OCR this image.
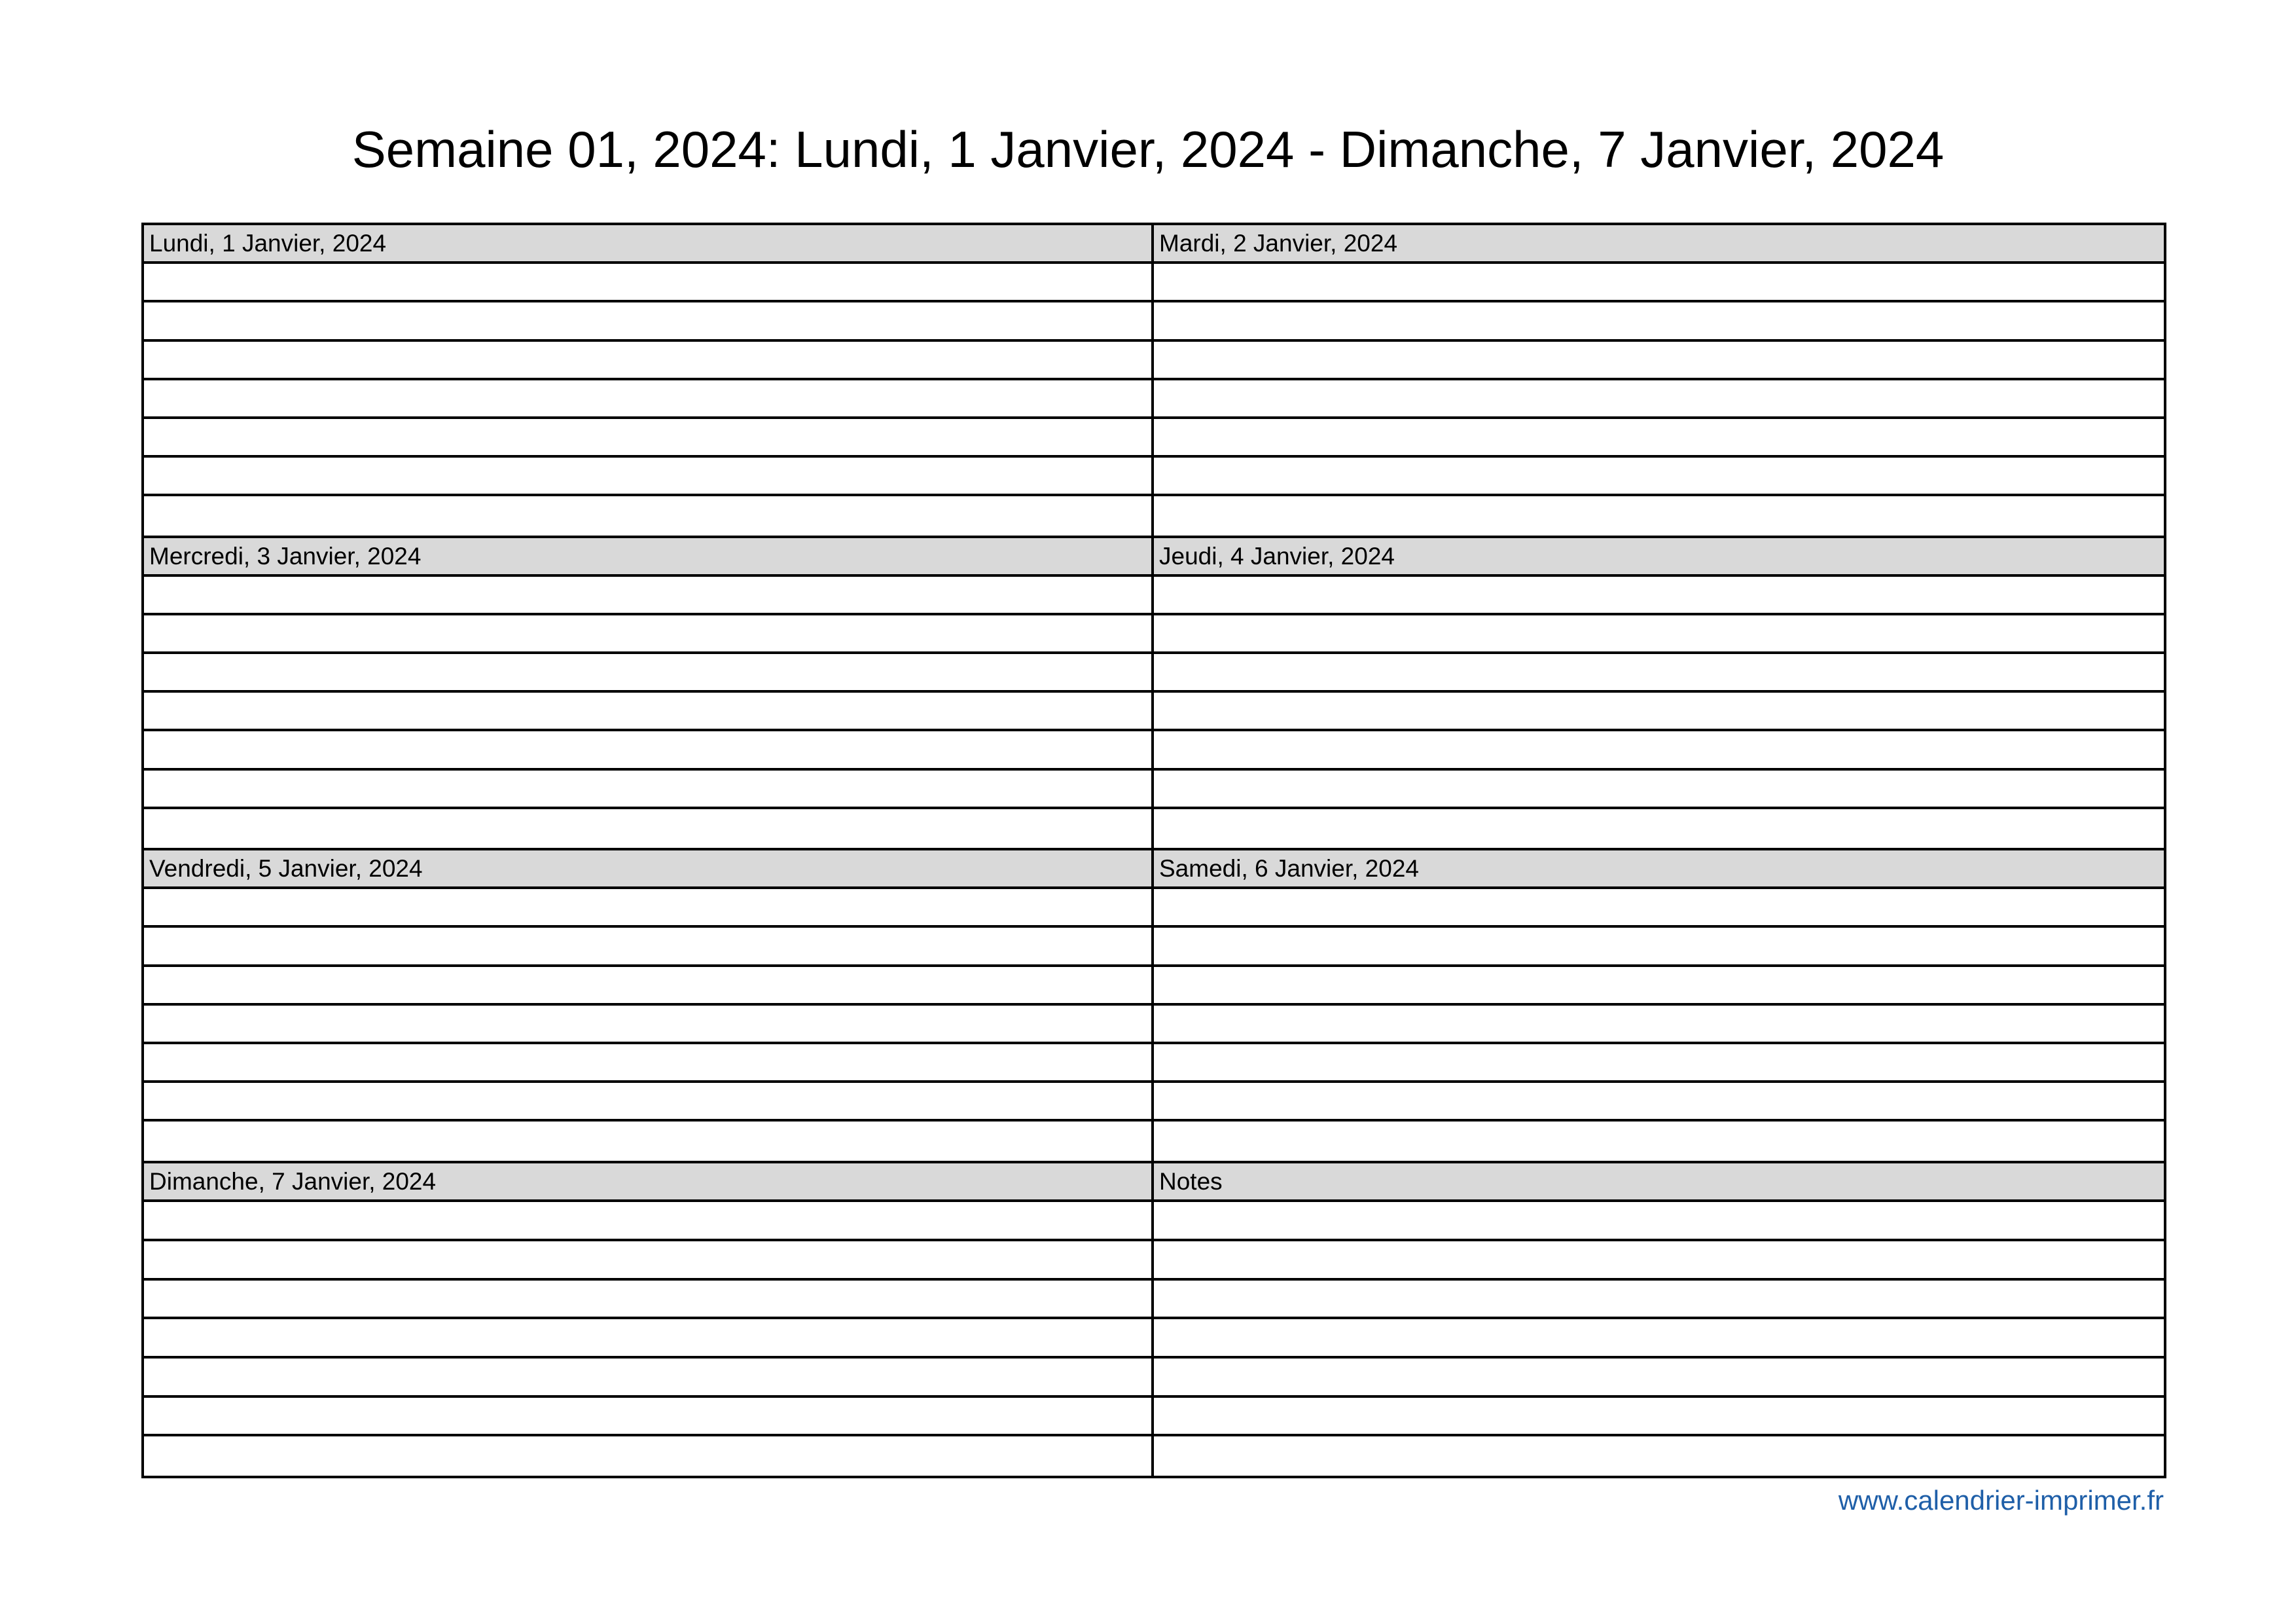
Semaine 01, 2024: Lundi, 1 Janvier, 2024 - Dimanche, 7 Janvier, 2024
Lundi, 1 Janvier, 2024	Mardi, 2 Janvier, 2024
Mercredi, 3 Janvier, 2024	Jeudi, 4 Janvier, 2024
Vendredi, 5 Janvier, 2024	Samedi, 6 Janvier, 2024
Dimanche, 7 Janvier, 2024	Notes
www.calendrier-imprimer.fr
